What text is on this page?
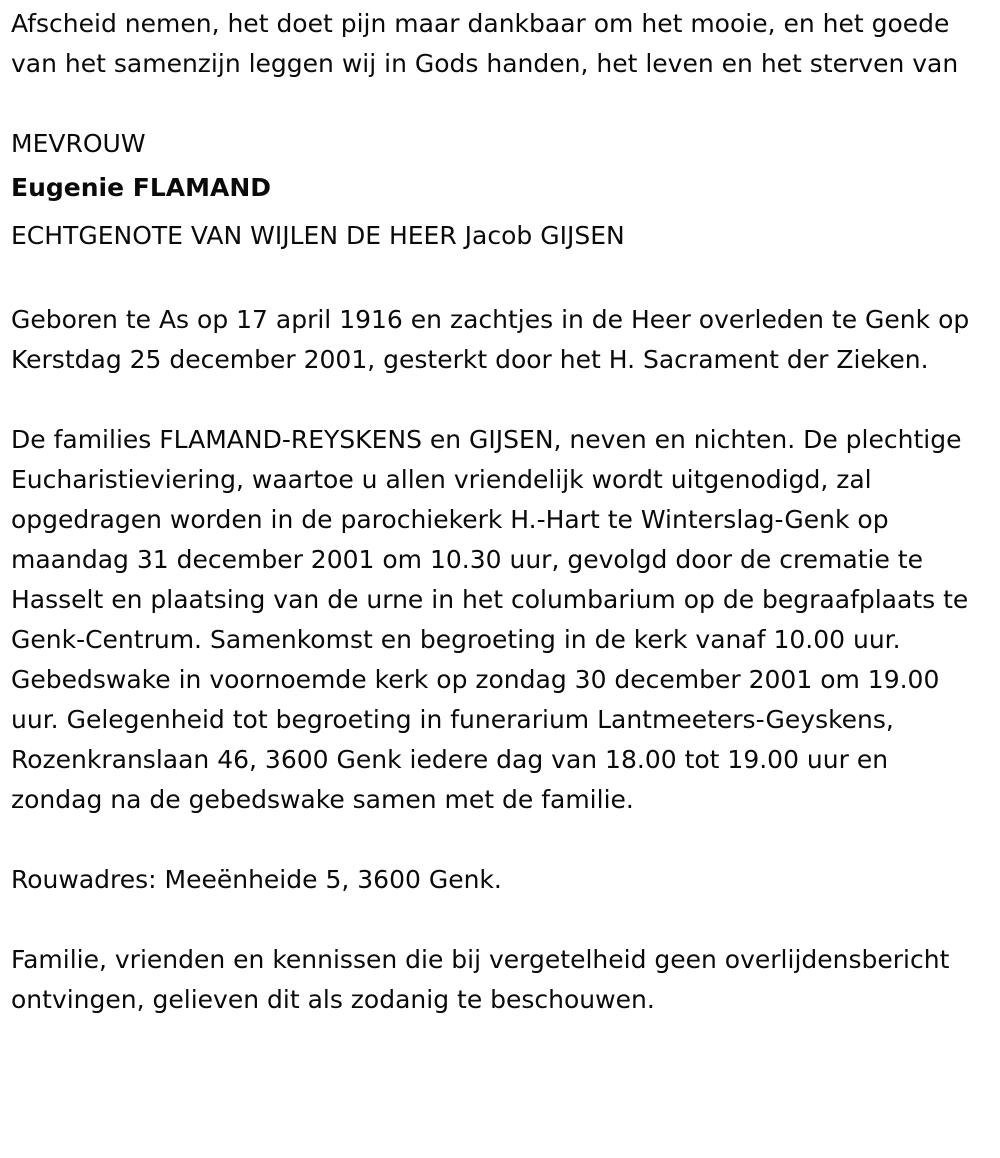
Afscheid nemen, het doet pijn maar dankbaar om het mooie, en het goede van het samenzijn leggen wij in Gods handen, het leven en het sterven van

MEVROUW

Eugenie FLAMAND

ECHTGENOTE VAN WIJLEN DE HEER Jacob GIJSEN

Geboren te As op 17 april 1916 en zachtjes in de Heer overleden te Genk op Kerstdag 25 december 2001, gesterkt door het H. Sacrament der Zieken.

De families FLAMAND-REYSKENS en GIJSEN, neven en nichten. De plechtige Eucharistieviering, waartoe u allen vriendelijk wordt uitgenodigd, zal opgedragen worden in de parochiekerk H.-Hart te Winterslag-Genk op maandag 31 december 2001 om 10.30 uur, gevolgd door de crematie te Hasselt en plaatsing van de urne in het columbarium op de begraafplaats te Genk-Centrum. Samenkomst en begroeting in de kerk vanaf 10.00 uur. Gebedswake in voornoemde kerk op zondag 30 december 2001 om 19.00 uur. Gelegenheid tot begroeting in funerarium Lantmeeters-Geyskens, Rozenkranslaan 46, 3600 Genk iedere dag van 18.00 tot 19.00 uur en zondag na de gebedswake samen met de familie.

Rouwadres: Meeënheide 5, 3600 Genk.

Familie, vrienden en kennissen die bij vergetelheid geen overlijdensbericht ontvingen, gelieven dit als zodanig te beschouwen.
